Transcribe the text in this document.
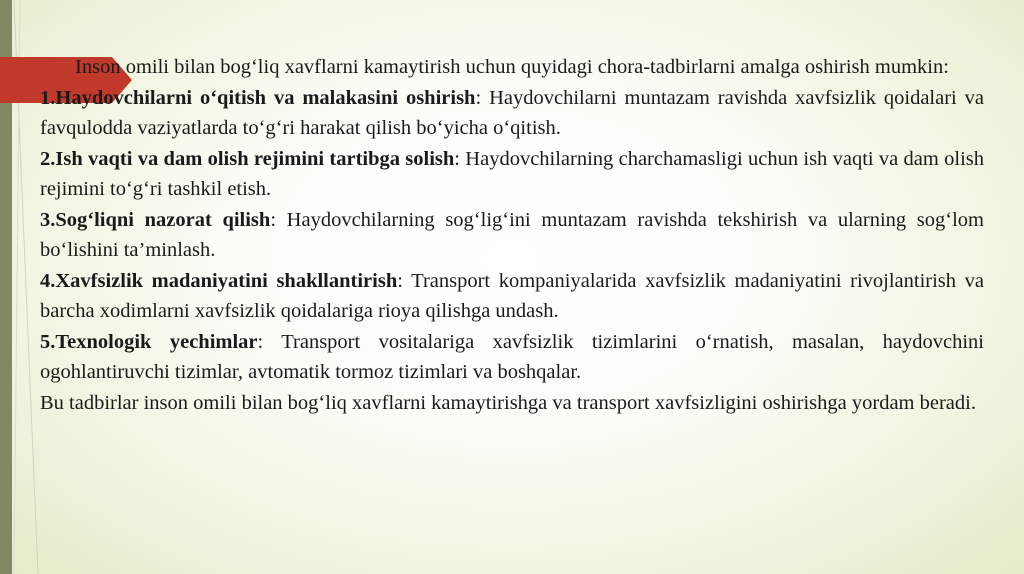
Inson omili bilan bog‘liq xavflarni kamaytirish uchun quyidagi chora-tadbirlarni amalga oshirish mumkin:

1.Haydovchilarni o‘qitish va malakasini oshirish: Haydovchilarni muntazam ravishda xavfsizlik qoidalari va favqulodda vaziyatlarda to‘g‘ri harakat qilish bo‘yicha o‘qitish.

2.Ish vaqti va dam olish rejimini tartibga solish: Haydovchilarning charchamasligi uchun ish vaqti va dam olish rejimini to‘g‘ri tashkil etish.

3.Sog‘liqni nazorat qilish: Haydovchilarning sog‘lig‘ini muntazam ravishda tekshirish va ularning sog‘lom bo‘lishini ta’minlash.

4.Xavfsizlik madaniyatini shakllantirish: Transport kompaniyalarida xavfsizlik madaniyatini rivojlantirish va barcha xodimlarni xavfsizlik qoidalariga rioya qilishga undash.

5.Texnologik yechimlar: Transport vositalariga xavfsizlik tizimlarini o‘rnatish, masalan, haydovchini ogohlantiruvchi tizimlar, avtomatik tormoz tizimlari va boshqalar.

Bu tadbirlar inson omili bilan bog‘liq xavflarni kamaytirishga va transport xavfsizligini oshirishga yordam beradi.
